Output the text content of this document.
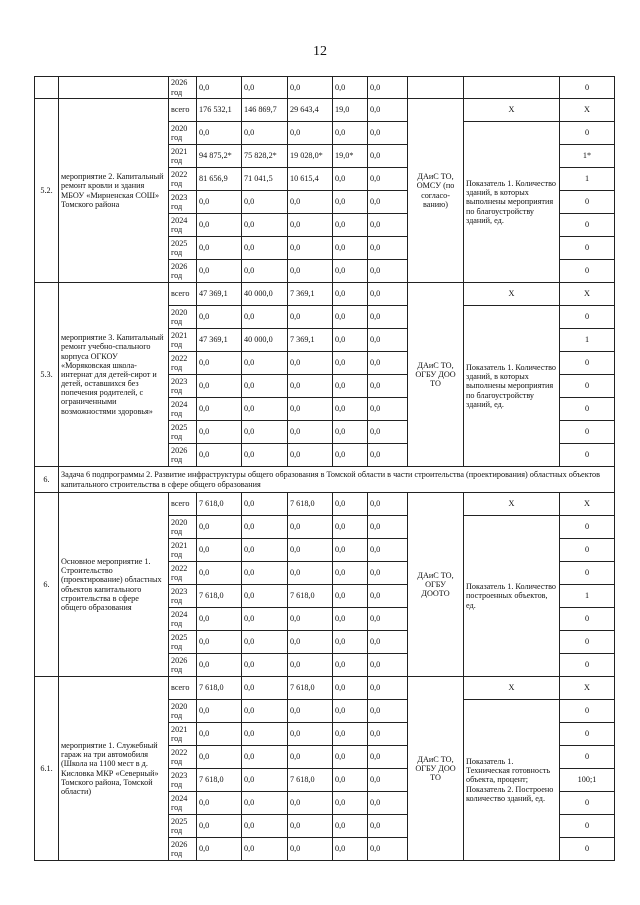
12
		2026 год	0,0	0,0	0,0	0,0	0,0			0
5.2.	мероприятие 2. Капитальный ремонт кровли и здания МБОУ «Мирненская СОШ» Томского района	всего	176 532,1	146 869,7	29 643,4	19,0	0,0	ДАиС ТО, ОМСУ (по согласо-ванию)	X	X
		2020 год	0,0	0,0	0,0	0,0	0,0		Показатель 1. Количество зданий, в которых выполнены мероприятия по благоустройству зданий, ед.	0
		2021 год	94 875,2*	75 828,2*	19 028,0*	19,0*	0,0			1*
		2022 год	81 656,9	71 041,5	10 615,4	0,0	0,0			1
		2023 год	0,0	0,0	0,0	0,0	0,0			0
		2024 год	0,0	0,0	0,0	0,0	0,0			0
		2025 год	0,0	0,0	0,0	0,0	0,0			0
		2026 год	0,0	0,0	0,0	0,0	0,0			0
5.3.	мероприятие 3. Капитальный ремонт учебно-спального корпуса ОГКОУ «Моряковская школа-интернат для детей-сирот и детей, оставшихся без попечения родителей, с ограниченными возможностями здоровья»	всего	47 369,1	40 000,0	7 369,1	0,0	0,0	ДАиС ТО, ОГБУ ДОО ТО	X	X
		2020 год	0,0	0,0	0,0	0,0	0,0		Показатель 1. Количество зданий, в которых выполнены мероприятия по благоустройству зданий, ед.	0
		2021 год	47 369,1	40 000,0	7 369,1	0,0	0,0			1
		2022 год	0,0	0,0	0,0	0,0	0,0			0
		2023 год	0,0	0,0	0,0	0,0	0,0			0
		2024 год	0,0	0,0	0,0	0,0	0,0			0
		2025 год	0,0	0,0	0,0	0,0	0,0			0
		2026 год	0,0	0,0	0,0	0,0	0,0			0
6.	Задача 6 подпрограммы 2. Развитие инфраструктуры общего образования в Томской области в части строительства (проектирования) областных объектов капитального строительства в сфере общего образования									
6.	Основное мероприятие 1. Строительство (проектирование) областных объектов капитального строительства в сфере общего образования	всего	7 618,0	0,0	7 618,0	0,0	0,0	ДАиС ТО, ОГБУ ДООТО	X	X
		2020 год	0,0	0,0	0,0	0,0	0,0		Показатель 1. Количество построенных объектов, ед.	0
		2021 год	0,0	0,0	0,0	0,0	0,0			0
		2022 год	0,0	0,0	0,0	0,0	0,0			0
		2023 год	7 618,0	0,0	7 618,0	0,0	0,0			1
		2024 год	0,0	0,0	0,0	0,0	0,0			0
		2025 год	0,0	0,0	0,0	0,0	0,0			0
		2026 год	0,0	0,0	0,0	0,0	0,0			0
6.1.	мероприятие 1. Служебный гараж на три автомобиля (Школа на 1100 мест в д. Кисловка МКР «Северный» Томского района, Томской области)	всего	7 618,0	0,0	7 618,0	0,0	0,0	ДАиС ТО, ОГБУ ДОО ТО	X	X
		2020 год	0,0	0,0	0,0	0,0	0,0		Показатель 1. Техническая готовность объекта, процент; Показатель 2. Построено количество зданий, ед.	0
		2021 год	0,0	0,0	0,0	0,0	0,0			0
		2022 год	0,0	0,0	0,0	0,0	0,0			0
		2023 год	7 618,0	0,0	7 618,0	0,0	0,0			100;1
		2024 год	0,0	0,0	0,0	0,0	0,0			0
		2025 год	0,0	0,0	0,0	0,0	0,0			0
		2026 год	0,0	0,0	0,0	0,0	0,0			0
